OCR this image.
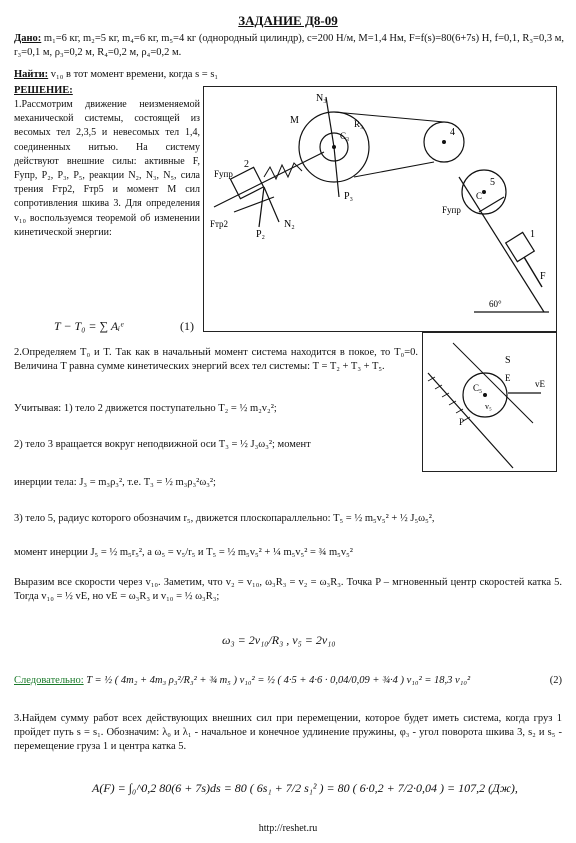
ЗАДАНИЕ Д8-09
Дано: m₁=6 кг, m₂=5 кг, m₄=6 кг, m₅=4 кг (однородный цилиндр), c=200 Н/м, M=1,4 Нм, F=f(s)=80(6+7s) Н, f=0,1, R₃=0,3 м, r₃=0,1 м, ρ₃=0,2 м, R₄=0,2 м, ρ₄=0,2 м.
Найти: v₁₀ в тот момент времени, когда s = s₁
РЕШЕНИЕ:
1.Рассмотрим движение неизменяемой механической системы, состоящей из весомых тел 2,3,5 и невесомых тел 1,4, соединенных нитью. На систему действуют внешние силы: активные F, Fупр, P₂, P₃, P₅, реакции N₂, N₃, N₅, сила трения Fтр2, Fтр5 и момент M сил сопротивления шкива 3. Для определения v₁₀ воспользуемся теоремой об изменении кинетической энергии:
T − T₀ = ∑ Aᵢᵉ	(1)
N₃
M
C₃
R₃
P₃
Fупр
Fтр2	N₂
P₂	1
2
4
5
C
Fупр
F
60°
S
C₅
P
vE
E
v₅
2.Определяем T₀ и T. Так как в начальный момент система находится в покое, то T₀=0. Величина T равна сумме кинетических энергий всех тел системы: T = T₂ + T₃ + T₅.
Учитывая: 1) тело 2 движется поступательно T₂ = ½ m₂v₂²;
2) тело 3 вращается вокруг неподвижной оси T₃ = ½ J₃ω₃²; момент
инерции тела: J₃ = m₃ρ₃², т.е. T₃ = ½ m₃ρ₃²ω₃²;
3) тело 5, радиус которого обозначим r₅, движется плоскопараллельно: T₅ = ½ m₅v₅² + ½ J₅ω₅²,
момент инерции J₅ = ½ m₅r₅², а ω₅ = v₅/r₅ и T₅ = ½ m₅v₅² + ¼ m₅v₅² = ¾ m₅v₅²
Выразим все скорости через v₁₀. Заметим, что v₂ = v₁₀, ω₃R₃ = v₂ = ω₃R₃. Точка P – мгновенный центр скоростей катка 5. Тогда v₁₀ = ½ vE, но vE = ω₃R₃ и v₁₀ = ½ ω₃R₃;
ω₃ = 2v₁₀/R₃ , v₅ = 2v₁₀
Следовательно: T = ½ ( 4m₂ + 4m₃ ρ₃²/R₃² + ¾ m₅ ) v₁₀² = ½ ( 4·5 + 4·6 · 0,04/0,09 + ¾·4 ) v₁₀² = 18,3 v₁₀²	(2)
3.Найдем сумму работ всех действующих внешних сил при перемещении, которое будет иметь система, когда груз 1 пройдет путь s = s₁. Обозначим: λ₀ и λ₁ - начальное и конечное удлинение пружины, φ₃ - угол поворота шкива 3, s₂ и s₅ - перемещение груза 1 и центра катка 5.
A(F) = ∫₀^0,2 80(6 + 7s)ds = 80 ( 6s₁ + 7/2 s₁² ) = 80 ( 6·0,2 + 7/2·0,04 ) = 107,2 (Дж),
http://reshet.ru
